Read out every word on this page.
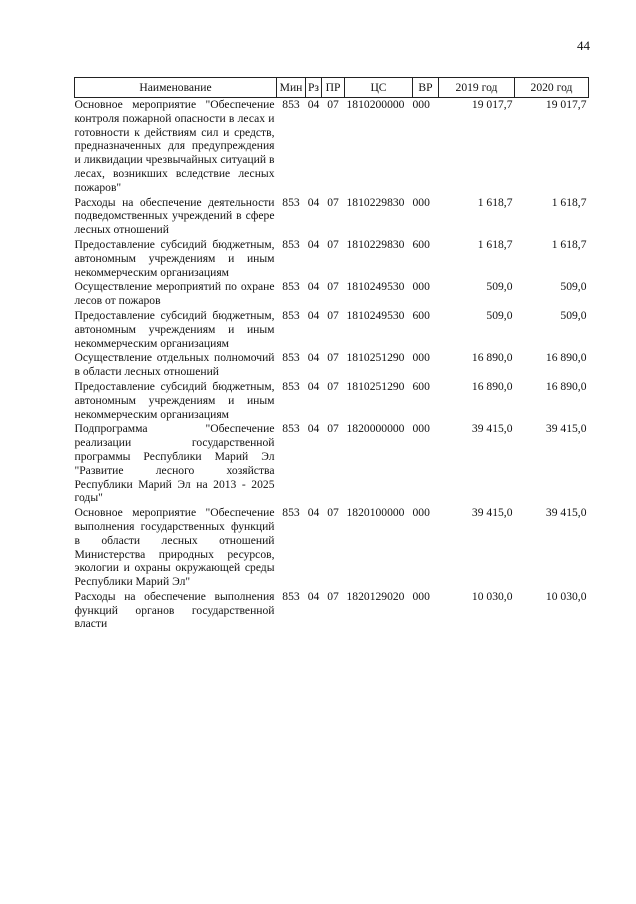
44
Наименование	Мин	Рз	ПР	ЦС	ВР	2019 год	2020 год
Основное мероприятие "Обеспечение контроля пожарной опасности в лесах и готовности к действиям сил и средств, предназначенных для предупреждения и ликвидации чрезвычайных ситуаций в лесах, возникших вследствие лесных пожаров"	853	04	07	1810200000	000	19 017,7	19 017,7
Расходы на обеспечение деятельности подведомственных учреждений в сфере лесных отношений	853	04	07	1810229830	000	1 618,7	1 618,7
Предоставление субсидий бюджетным, автономным учреждениям и иным некоммерческим организациям	853	04	07	1810229830	600	1 618,7	1 618,7
Осуществление мероприятий по охране лесов от пожаров	853	04	07	1810249530	000	509,0	509,0
Предоставление субсидий бюджетным, автономным учреждениям и иным некоммерческим организациям	853	04	07	1810249530	600	509,0	509,0
Осуществление отдельных полномочий в области лесных отношений	853	04	07	1810251290	000	16 890,0	16 890,0
Предоставление субсидий бюджетным, автономным учреждениям и иным некоммерческим организациям	853	04	07	1810251290	600	16 890,0	16 890,0
Подпрограмма "Обеспечение реализации государственной программы Республики Марий Эл "Развитие лесного хозяйства Республики Марий Эл на 2013 - 2025 годы"	853	04	07	1820000000	000	39 415,0	39 415,0
Основное мероприятие "Обеспечение выполнения государственных функций в области лесных отношений Министерства природных ресурсов, экологии и охраны окружающей среды Республики Марий Эл"	853	04	07	1820100000	000	39 415,0	39 415,0
Расходы на обеспечение выполнения функций органов государственной власти	853	04	07	1820129020	000	10 030,0	10 030,0
